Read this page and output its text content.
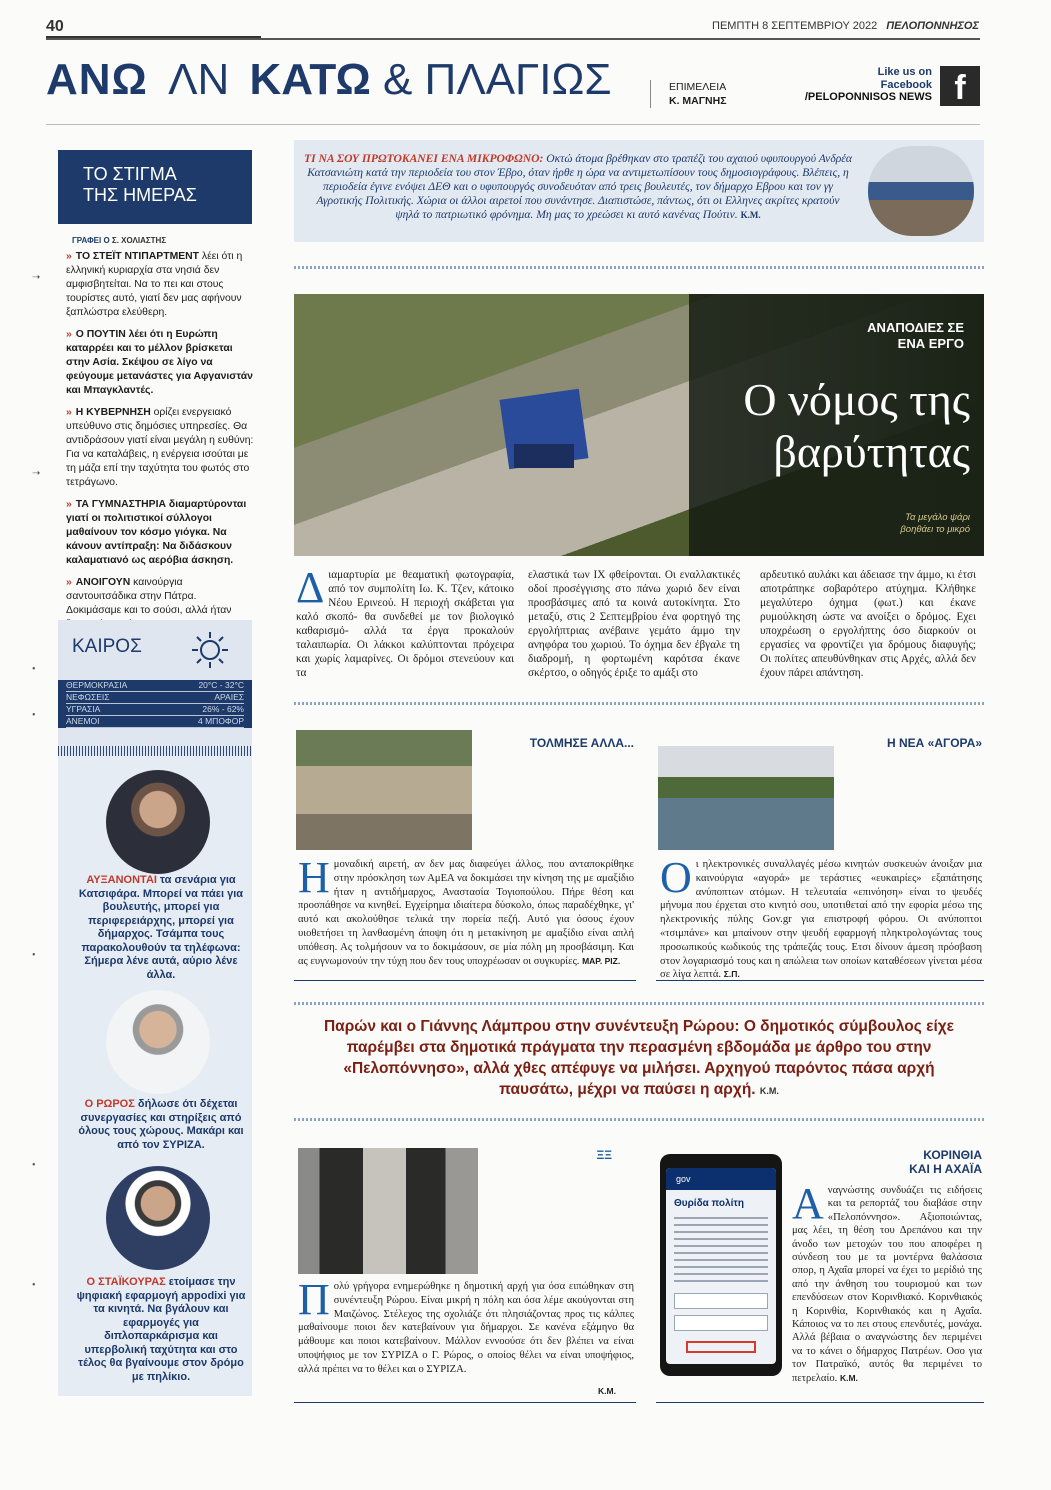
40	ΠΕΜΠΤΗ 8 ΣΕΠΤΕΜΒΡΙΟΥ 2022 ΠΕΛΟΠΟΝΝΗΣΟΣ
ΑΝΩ ΛΝ ΚΑΤΩ & ΠΛΑΓΙΩΣ	ΕΠΙΜΕΛΕΙΑ
Κ. ΜΑΓΝΗΣ
Like us on
Facebook
/PELOPONNISOS NEWS f
ΤΟ ΣΤΙΓΜΑ
ΤΗΣ ΗΜΕΡΑΣ
ΓΡΑΦΕΙ Ο Σ. ΧΟΛΙΑΣΤΗΣ
» ΤΟ ΣΤΕΪΤ ΝΤΙΠΑΡΤΜΕΝΤ λέει ότι η ελληνική κυριαρχία στα νησιά δεν αμφισβητείται. Να το πει και στους τουρίστες αυτό, γιατί δεν μας αφήνουν ξαπλώστρα ελεύθερη.
» Ο ΠΟΥΤΙΝ λέει ότι η Ευρώπη καταρρέει και το μέλλον βρίσκεται στην Ασία. Σκέψου σε λίγο να φεύγουμε μετανάστες για Αφγανιστάν και Μπαγκλαντές.
» Η ΚΥΒΕΡΝΗΣΗ ορίζει ενεργειακό υπεύθυνο στις δημόσιες υπηρεσίες. Θα αντιδράσουν γιατί είναι μεγάλη η ευθύνη: Για να καταλάβεις, η ενέργεια ισούται με τη μάζα επί την ταχύτητα του φωτός στο τετράγωνο.
» ΤΑ ΓΥΜΝΑΣΤΗΡΙΑ διαμαρτύρονται γιατί οι πολιτιστικοί σύλλογοι μαθαίνουν τον κόσμο γιόγκα. Να κάνουν αντίπραξη: Να διδάσκουν καλαματιανό ως αερόβια άσκηση.
» ΑΝΟΙΓΟΥΝ καινούργια σαντουιτσάδικα στην Πάτρα. Δοκιμάσαμε και το σούσι, αλλά ήταν
ΚΑΙΡΟΣ
ΘΕΡΜΟΚΡΑΣΙΑ	20°C - 32°C
ΝΕΦΩΣΕΙΣ	ΑΡΑΙΕΣ
ΥΓΡΑΣΙΑ	26% - 62%
ΑΝΕΜΟΙ	4 ΜΠΟΦΟΡ
ΑΥΞΑΝΟΝΤΑΙ τα σενάρια για Κατσιφάρα. Μπορεί να πάει για βουλευτής, μπορεί για περιφερειάρχης, μπορεί για δήμαρχος. Τσάμπα τους παρακολουθούν τα τηλέφωνα: Σήμερα λένε αυτά, αύριο λένε άλλα.
Ο ΡΩΡΟΣ δήλωσε ότι δέχεται συνεργασίες και στηρίξεις από όλους τους χώρους. Μακάρι και από τον ΣΥΡΙΖΑ.
Ο ΣΤΑΪΚΟΥΡΑΣ ετοίμασε την ψηφιακή εφαρμογή appodixi για τα κινητά. Να βγάλουν και εφαρμογές για διπλοπαρκάρισμα και υπερβολική ταχύτητα και στο τέλος θα βγαίνουμε στον δρόμο με πηλίκιο.
ΤΙ ΝΑ ΣΟΥ ΠΡΩΤΟΚΑΝΕΙ ΕΝΑ ΜΙΚΡΟΦΩΝΟ: Οκτώ άτομα βρέθηκαν στο τραπέζι του αχαιού υφυπουργού Ανδρέα Κατσανιώτη κατά την περιοδεία του στον Έβρο, όταν ήρθε η ώρα να αντιμετωπίσουν τους δημοσιογράφους. Βλέπεις, η περιοδεία έγινε ενόψει ΔΕΘ και ο υφυπουργός συνοδευόταν από τρεις βουλευτές, τον δήμαρχο Εβρου και τον γγ Αγροτικής Πολιτικής. Χώρια οι άλλοι αιρετοί που συνάντησε. Διαπιστώσε, πάντως, ότι οι Ελληνες ακρίτες κρατούν ψηλά το πατριωτικό φρόνημα. Μη μας το χρεώσει κι αυτό κανένας Πούτιν. Κ.Μ.
ΑΝΑΠΟΔΙΕΣ ΣΕ
ΕΝΑ ΕΡΓΟ
Ο νόμος της
βαρύτητας
Τα μεγάλο ψάρι
βοηθάει το μικρό
Διαμαρτυρία με θεαματική φωτογραφία, από τον συμπολίτη Ιω. Κ. Τζεν, κάτοικο Νέου Ερινεού. Η περιοχή σκάβεται για καλό σκοπό- θα συνδεθεί με τον βιολογικό καθαρισμό- αλλά τα έργα προκαλούν ταλαιπωρία. Οι λάκκοι καλύπτονται πρόχειρα και χωρίς λαμαρίνες. Οι δρόμοι στενεύουν και τα
ελαστικά των ΙΧ φθείρονται. Οι εναλλακτικές οδοί προσέγγισης στο πάνω χωριό δεν είναι προσβάσιμες από τα κοινά αυτοκίνητα. Στο μεταξύ, στις 2 Σεπτεμβρίου ένα φορτηγό της εργολήπτριας ανέβαινε γεμάτο άμμο την ανηφόρα του χωριού. Το όχημα δεν έβγαλε τη διαδρομή, η φορτωμένη καρότσα έκανε σκέρτσο, ο οδηγός έριξε το αμάξι στο
αρδευτικό αυλάκι και άδειασε την άμμο, κι έτσι αποτράπηκε σοβαρότερο ατύχημα. Κλήθηκε μεγαλύτερο όχημα (φωτ.) και έκανε ρυμούλκηση ώστε να ανοίξει ο δρόμος. Εχει υποχρέωση ο εργολήπτης όσο διαρκούν οι εργασίες να φροντίζει για δρόμους διαφυγής; Οι πολίτες απευθύνθηκαν στις Αρχές, αλλά δεν έχουν πάρει απάντηση.
ΤΟΛΜΗΣΕ ΑΛΛΑ...
Ημοναδική αιρετή, αν δεν μας διαφεύγει άλλος, που ανταποκρίθηκε στην πρόσκληση των ΑμΕΑ να δοκιμάσει την κίνηση της με αμαξίδιο ήταν η αντιδήμαρχος, Αναστασία Τογιοπούλου. Πήρε θέση και προσπάθησε να κινηθεί. Εγχείρημα ιδιαίτερα δύσκολο, όπως παραδέχθηκε, γι' αυτό και ακολούθησε τελικά την πορεία πεζή. Αυτό για όσους έχουν υιοθετήσει τη λανθασμένη άποψη ότι η μετακίνηση με αμαξίδιο είναι απλή υπόθεση. Ας τολμήσουν να το δοκιμάσουν, σε μία πόλη μη προσβάσιμη. Και ας ευγνωμονούν την τύχη που δεν τους υποχρέωσαν οι συγκυρίες. ΜΑΡ. ΡΙΖ.
Η ΝΕΑ «ΑΓΟΡΑ»
Οι ηλεκτρονικές συναλλαγές μέσω κινητών συσκευών άνοιξαν μια καινούργια «αγορά» με τεράστιες «ευκαιρίες» εξαπάτησης ανύποπτων ατόμων. Η τελευταία «επινόηση» είναι το ψευδές μήνυμα που έρχεται στο κινητό σου, υποτιθεταί από την εφορία μέσω της ηλεκτρονικής πύλης Gov.gr για επιστροφή φόρου. Οι ανύποπτοι «τσιμπάνε» και μπαίνουν στην ψευδή εφαρμογή πληκτρολογώντας τους προσωπικούς κωδικούς της τράπεζάς τους. Ετσι δίνουν άμεση πρόσβαση στον λογαριασμό τους και η απώλεια των οποίων καταθέσεων γίνεται μέσα σε λίγα λεπτά. Σ.Π.
Παρών και ο Γιάννης Λάμπρου στην συνέντευξη Ρώρου: Ο δημοτικός σύμβουλος είχε παρέμβει στα δημοτικά πράγματα την περασμένη εβδομάδα με άρθρο του στην «Πελοπόννησο», αλλά χθες απέφυγε να μιλήσει. Αρχηγού παρόντος πάσα αρχή παυσάτω, μέχρι να παύσει η αρχή. Κ.Μ.
ΞΞ
Πολύ γρήγορα ενημερώθηκε η δημοτική αρχή για όσα ειπώθηκαν στη συνέντευξη Ρώρου. Είναι μικρή η πόλη και όσα λέμε ακούγονται στη Μαιζώνος. Στέλεχος της σχολιάζε ότι πλησιάζοντας προς τις κάλπες μαθαίνουμε ποιοι δεν κατεβαίνουν για δήμαρχοι. Σε κανένα εξάμηνο θα μάθουμε και ποιοι κατεβαίνουν. Μάλλον εννοούσε ότι δεν βλέπει να είναι υποψήφιος με τον ΣΥΡΙΖΑ ο Γ. Ρώρος, ο οποίος θέλει να είναι υποψήφιος, αλλά πρέπει να το θέλει και ο ΣΥΡΙΖΑ.
Κ.Μ.
gov
Θυρίδα πολίτη
ΚΟΡΙΝΘΙΑ
ΚΑΙ Η ΑΧΑΪΑ
Αναγνώστης συνδυάζει τις ειδήσεις και τα ρεπορτάζ του διαβάσε στην «Πελοπόννησο». Αξιοποιώντας, μας λέει, τη θέση του Δρεπάνου και την άνοδο των μετοχών του που αποφέρει η σύνδεση του με τα μοντέρνα θαλάσσια σπορ, η Αχαΐα μπορεί να έχει το μερίδιό της από την άνθηση του τουρισμού και των επενδύσεων στον Κορινθιακό. Κορινθιακός η Κορινθία, Κορινθιακός και η Αχαΐα. Κάποιος να το πει στους επενδυτές, μονάχα. Αλλά βέβαια ο αναγνώστης δεν περιμένει να το κάνει ο δήμαρχος Πατρέων. Οσο για τον Πατραϊκό, αυτός θα περιμένει το πετρελαίο. Κ.Μ.
➝
➝
•
•
•
•
•
